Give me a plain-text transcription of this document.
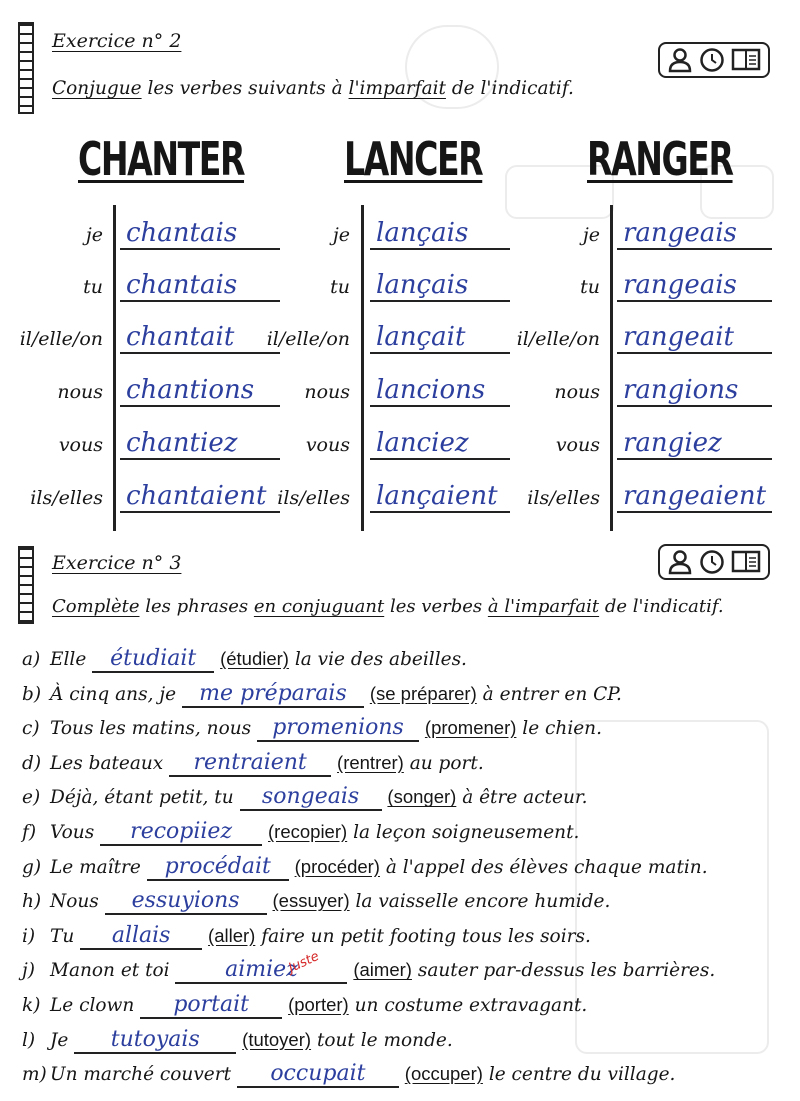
Exercice n° 2
Conjugue les verbes suivants à l'imparfait de l'indicatif.
CHANTER LANCER RANGER
je chantais
tu chantais
il/elle/on chantait
nous chantions
vous chantiez
ils/elles chantaient
je lançais
tu lançais
il/elle/on lançait
nous lancions
vous lanciez
ils/elles lançaient
je rangeais
tu rangeais
il/elle/on rangeait
nous rangions
vous rangiez
ils/elles rangeaient
Exercice n° 3
Complète les phrases en conjuguant les verbes à l'imparfait de l'indicatif.
a) Elle étudiait (étudier) la vie des abeilles.
b) À cinq ans, je me préparais (se préparer) à entrer en CP.
c) Tous les matins, nous promenions (promener) le chien.
d) Les bateaux rentraient (rentrer) au port.
e) Déjà, étant petit, tu songeais (songer) à être acteur.
f) Vous recopiiez (recopier) la leçon soigneusement.
g) Le maître procédait (procéder) à l'appel des élèves chaque matin.
h) Nous essuyions (essuyer) la vaisselle encore humide.
i) Tu allais (aller) faire un petit footing tous les soirs.
j) Manon et toi	aimiez	(aimer) sauter par-dessus les barrières.
k) Le clown portait (porter) un costume extravagant.
l) Je tutoyais (tutoyer) tout le monde.
m) Un marché couvert occupait (occuper) le centre du village.
Juste
